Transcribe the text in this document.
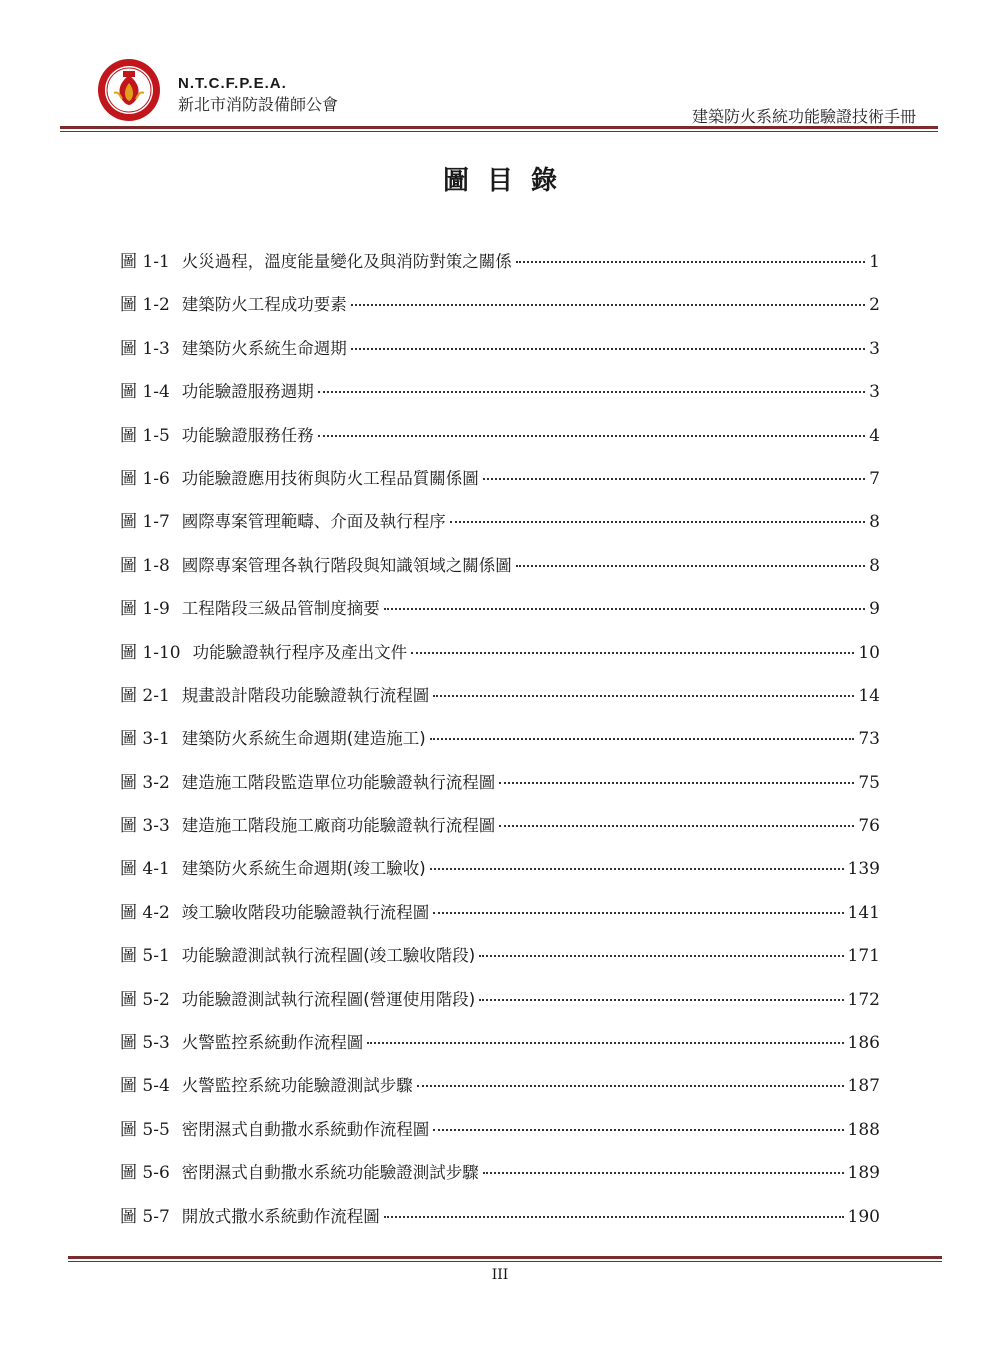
N.T.C.F.P.E.A.
新北市消防設備師公會
建築防火系統功能驗證技術手冊
圖目錄
圖 1-1 火災過程，溫度能量變化及與消防對策之關係	1
圖 1-2 建築防火工程成功要素	2
圖 1-3 建築防火系統生命週期	3
圖 1-4 功能驗證服務週期	3
圖 1-5 功能驗證服務任務	4
圖 1-6 功能驗證應用技術與防火工程品質關係圖	7
圖 1-7 國際專案管理範疇、介面及執行程序	8
圖 1-8 國際專案管理各執行階段與知識領域之關係圖	8
圖 1-9 工程階段三級品管制度摘要	9
圖 1-10 功能驗證執行程序及產出文件	10
圖 2-1 規畫設計階段功能驗證執行流程圖	14
圖 3-1 建築防火系統生命週期(建造施工)	73
圖 3-2 建造施工階段監造單位功能驗證執行流程圖	75
圖 3-3 建造施工階段施工廠商功能驗證執行流程圖	76
圖 4-1 建築防火系統生命週期(竣工驗收)	139
圖 4-2 竣工驗收階段功能驗證執行流程圖	141
圖 5-1 功能驗證測試執行流程圖(竣工驗收階段)	171
圖 5-2 功能驗證測試執行流程圖(營運使用階段)	172
圖 5-3 火警監控系統動作流程圖	186
圖 5-4 火警監控系統功能驗證測試步驟	187
圖 5-5 密閉濕式自動撒水系統動作流程圖	188
圖 5-6 密閉濕式自動撒水系統功能驗證測試步驟	189
圖 5-7 開放式撒水系統動作流程圖	190
III
